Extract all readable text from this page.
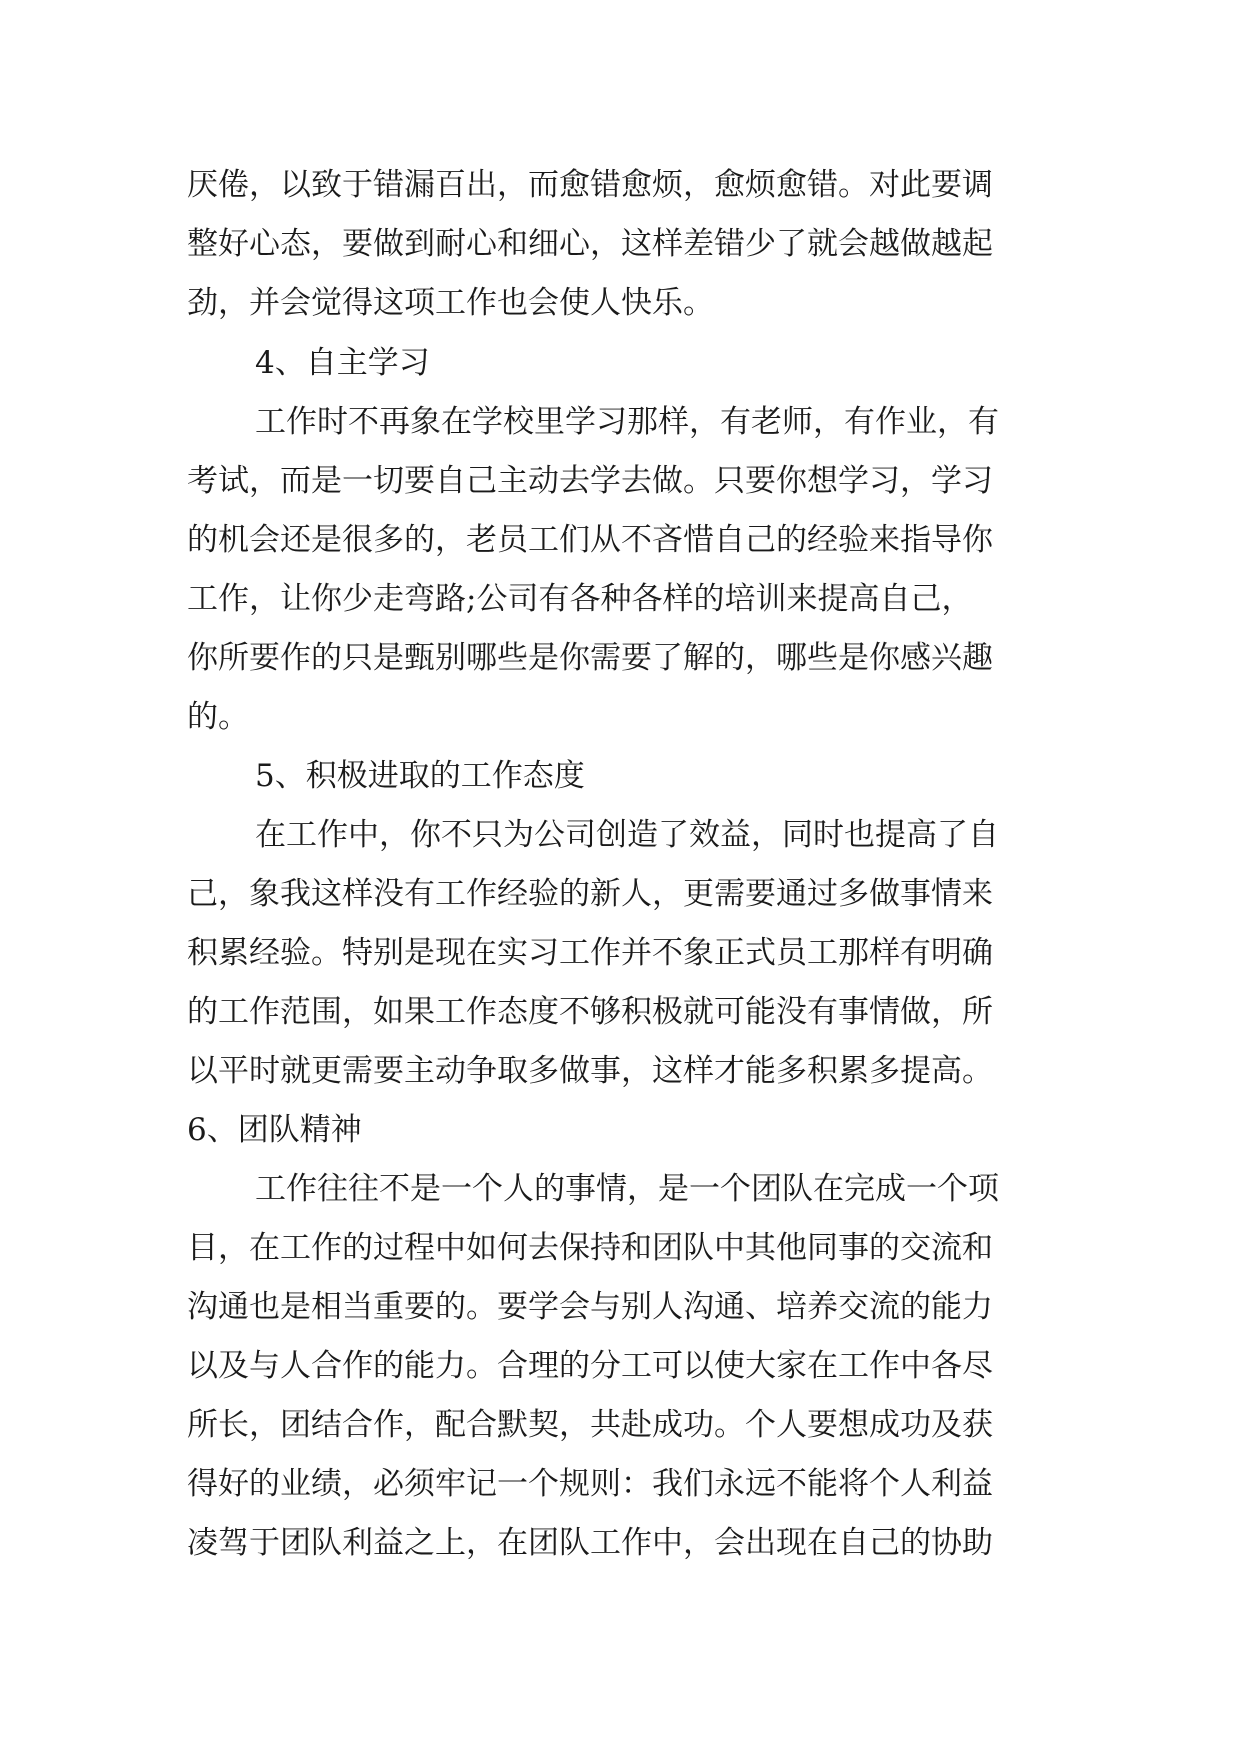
厌倦，以致于错漏百出，而愈错愈烦，愈烦愈错。对此要调
整好心态，要做到耐心和细心，这样差错少了就会越做越起
劲，并会觉得这项工作也会使人快乐。
4、自主学习
工作时不再象在学校里学习那样，有老师，有作业，有
考试，而是一切要自己主动去学去做。只要你想学习，学习
的机会还是很多的，老员工们从不吝惜自己的经验来指导你
工作，让你少走弯路;公司有各种各样的培训来提高自己，
你所要作的只是甄别哪些是你需要了解的，哪些是你感兴趣
的。
5、积极进取的工作态度
在工作中，你不只为公司创造了效益，同时也提高了自
己，象我这样没有工作经验的新人，更需要通过多做事情来
积累经验。特别是现在实习工作并不象正式员工那样有明确
的工作范围，如果工作态度不够积极就可能没有事情做，所
以平时就更需要主动争取多做事，这样才能多积累多提高。
6、团队精神
工作往往不是一个人的事情，是一个团队在完成一个项
目，在工作的过程中如何去保持和团队中其他同事的交流和
沟通也是相当重要的。要学会与别人沟通、培养交流的能力
以及与人合作的能力。合理的分工可以使大家在工作中各尽
所长，团结合作，配合默契，共赴成功。个人要想成功及获
得好的业绩，必须牢记一个规则：我们永远不能将个人利益
凌驾于团队利益之上，在团队工作中，会出现在自己的协助
